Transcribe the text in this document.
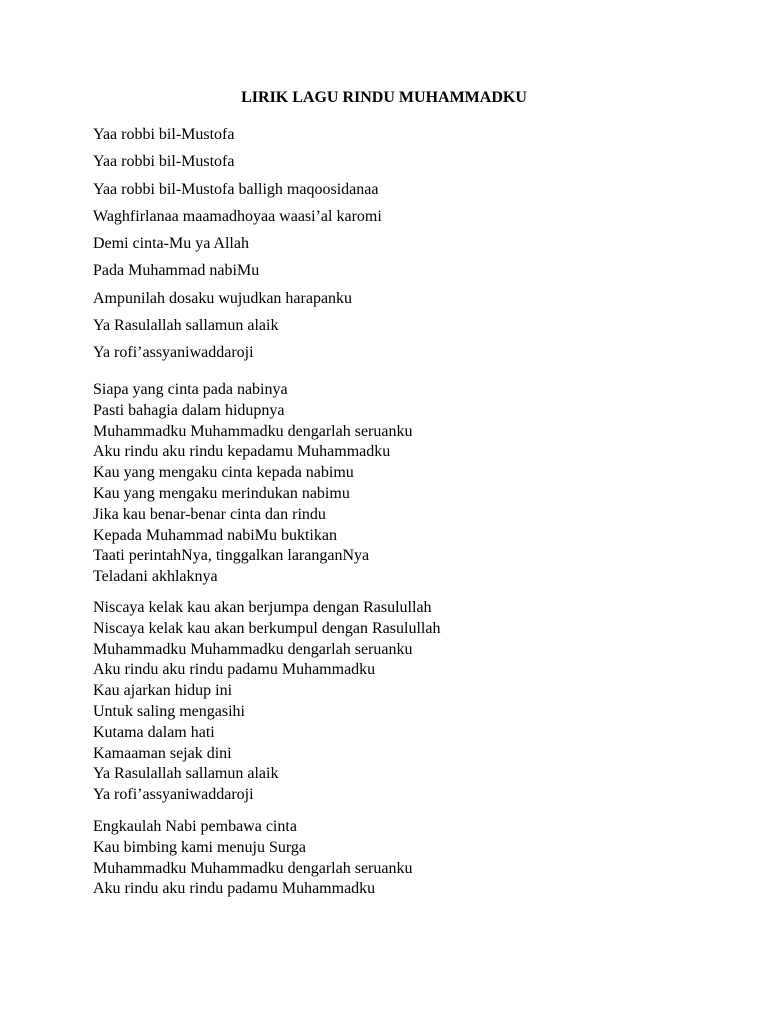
LIRIK LAGU RINDU MUHAMMADKU
Yaa robbi bil-Mustofa
Yaa robbi bil-Mustofa
Yaa robbi bil-Mustofa balligh maqoosidanaa
Waghfirlanaa maamadhoyaa waasi’al karomi
Demi cinta-Mu ya Allah
Pada Muhammad nabiMu
Ampunilah dosaku wujudkan harapanku
Ya Rasulallah sallamun alaik
Ya rofi’assyaniwaddaroji
Siapa yang cinta pada nabinya
Pasti bahagia dalam hidupnya
Muhammadku Muhammadku dengarlah seruanku
Aku rindu aku rindu kepadamu Muhammadku
Kau yang mengaku cinta kepada nabimu
Kau yang mengaku merindukan nabimu
Jika kau benar-benar cinta dan rindu
Kepada Muhammad nabiMu buktikan
Taati perintahNya, tinggalkan laranganNya
Teladani akhlaknya
Niscaya kelak kau akan berjumpa dengan Rasulullah
Niscaya kelak kau akan berkumpul dengan Rasulullah
Muhammadku Muhammadku dengarlah seruanku
Aku rindu aku rindu padamu Muhammadku
Kau ajarkan hidup ini
Untuk saling mengasihi
Kutama dalam hati
Kamaaman sejak dini
Ya Rasulallah sallamun alaik
Ya rofi’assyaniwaddaroji
Engkaulah Nabi pembawa cinta
Kau bimbing kami menuju Surga
Muhammadku Muhammadku dengarlah seruanku
Aku rindu aku rindu padamu Muhammadku
